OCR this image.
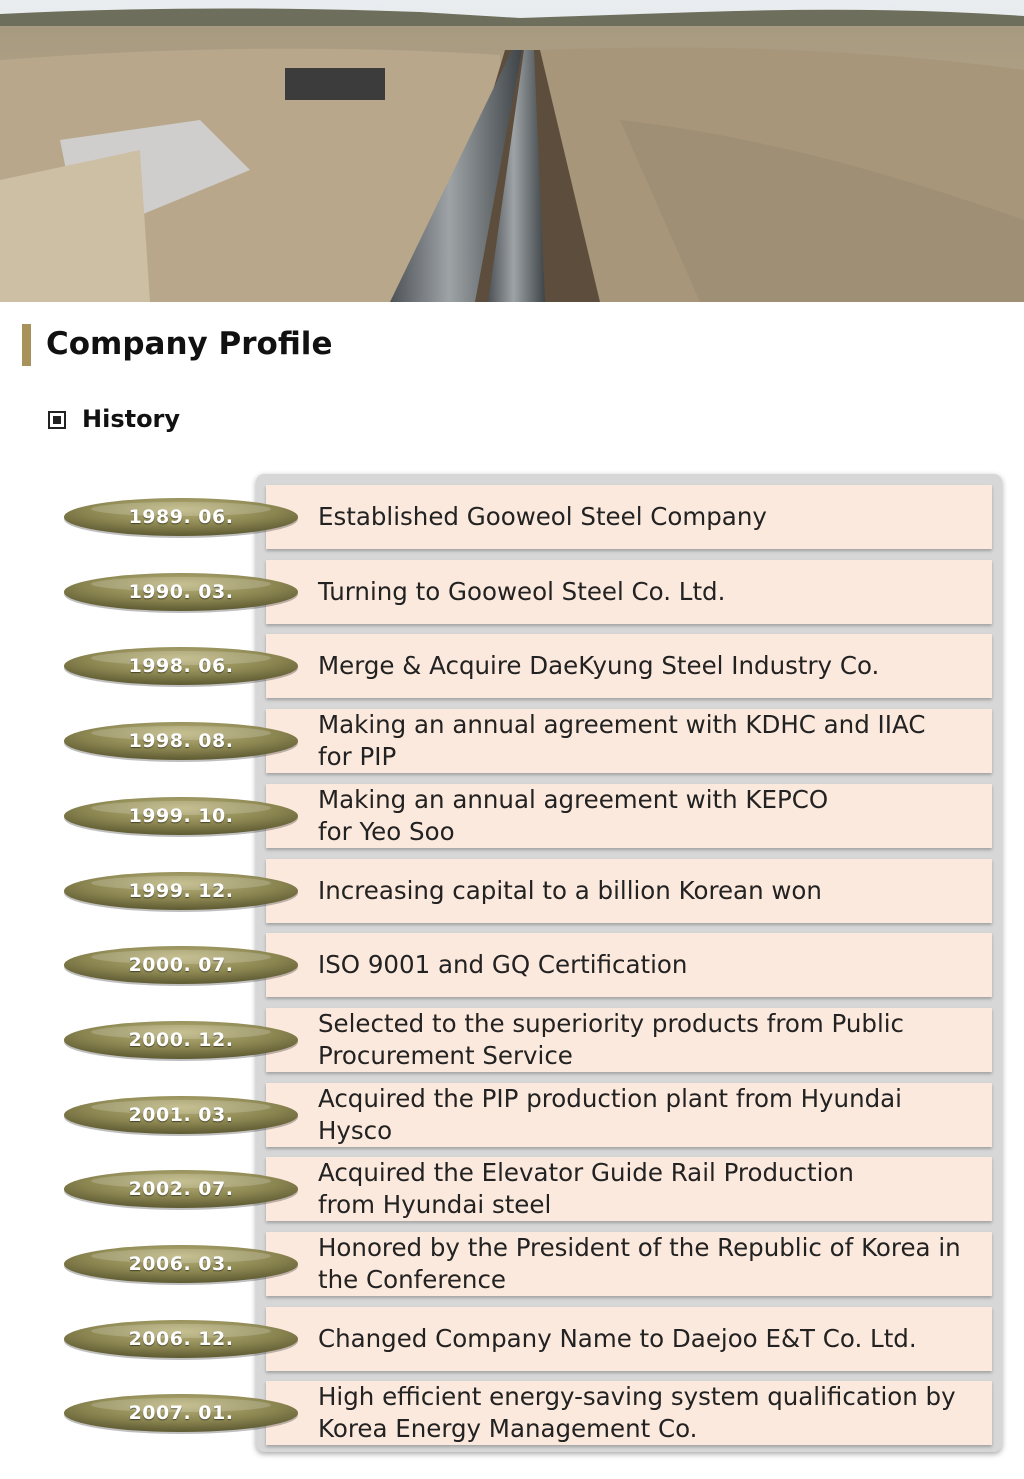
Company Profile
History
Established Gooweol Steel Company
1989. 06.
Turning to Gooweol Steel Co. Ltd.
1990. 03.
Merge & Acquire DaeKyung Steel Industry Co.
1998. 06.
Making an annual agreement with KDHC and IIAC
for PIP
1998. 08.
Making an annual agreement with KEPCO
for Yeo Soo
1999. 10.
Increasing capital to a billion Korean won
1999. 12.
ISO 9001 and GQ Certification
2000. 07.
Selected to the superiority products from Public
Procurement Service
2000. 12.
Acquired the PIP production plant from Hyundai
Hysco
2001. 03.
Acquired the Elevator Guide Rail Production
from Hyundai steel
2002. 07.
Honored by the President of the Republic of Korea in
the Conference
2006. 03.
Changed Company Name to Daejoo E&T Co. Ltd.
2006. 12.
High efficient energy-saving system qualification by
Korea Energy Management Co.
2007. 01.
